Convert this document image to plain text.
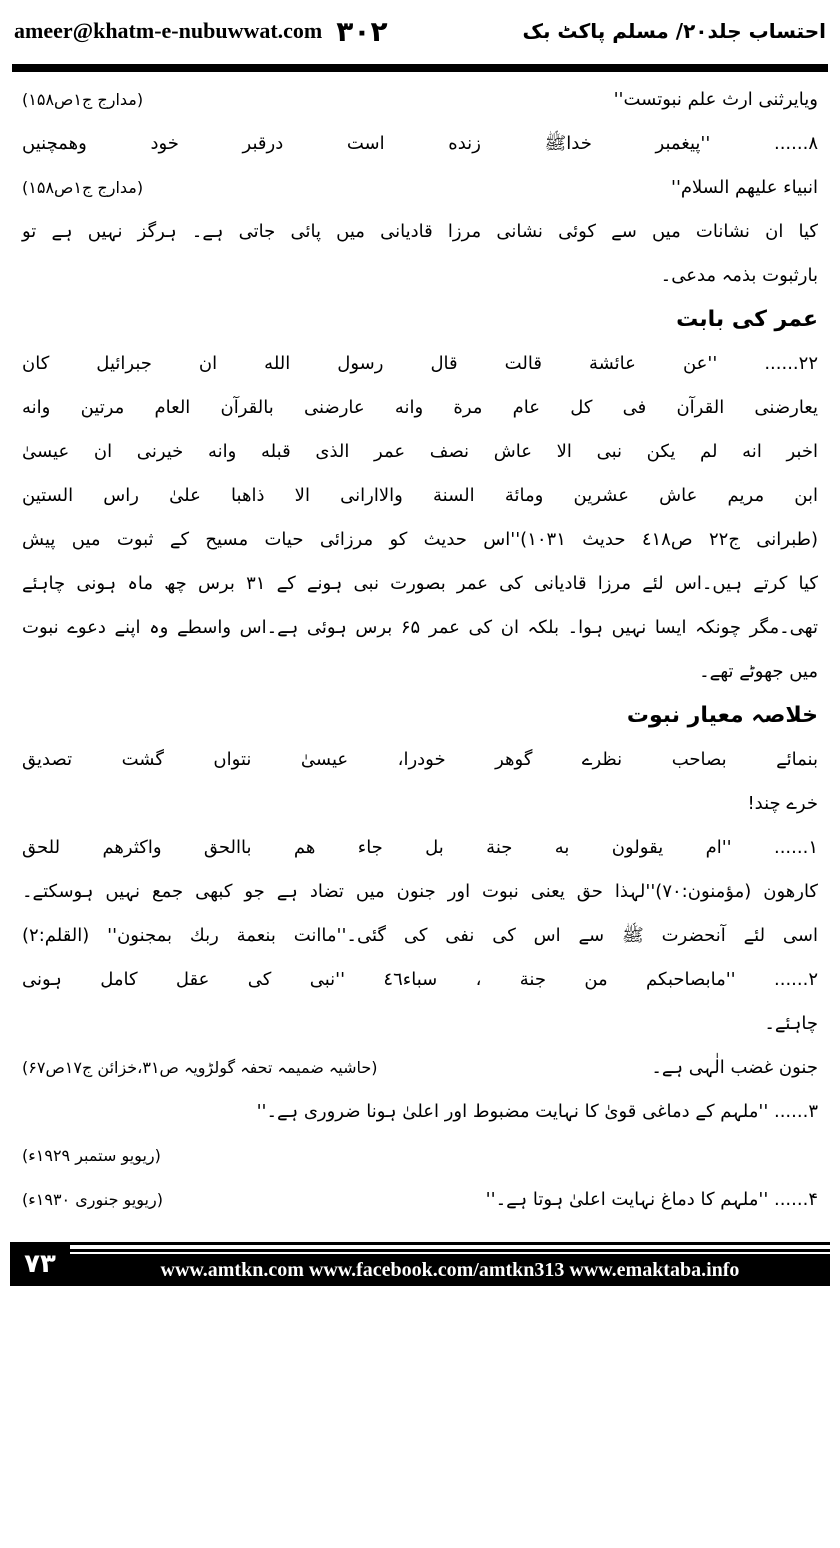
ameer@khatm-e-nubuwwat.com ۳۰۲	احتساب جلد۲۰/ مسلم پاکٹ بک
ویایرثنی ارث علم نبوتست''
(مدارج ج۱ص۱۵۸)
۸...... ''پیغمبر خداﷺ زنده است درقبر خود وهمچنیں
انبیاء علیهم السلام''
(مدارج ج۱ص۱۵۸)
کیا ان نشانات میں سے کوئی نشانی مرزا قادیانی میں پائی جاتی ہے۔ ہرگز نہیں ہے تو
بارثبوت بذمہ مدعی۔
عمر کی بابت
۲۲...... ''عن عائشة قالت قال رسول الله ان جبرائیل کان
یعارضنی القرآن فی کل عام مرة وانه عارضنی بالقرآن العام مرتین وانه
اخبر انه لم یکن نبی الا عاش نصف عمر الذی قبله وانه خیرنی ان عیسیٰ
ابن مریم عاش عشرین ومائة السنة والاارانی الا ذاهبا علیٰ راس الستین
(طبرانی ج۲۲ ص٤١٨ حدیث ١٠٣١)''اس حدیث کو مرزائی حیات مسیح کے ثبوت میں پیش
کیا کرتے ہیں۔اس لئے مرزا قادیانی کی عمر بصورت نبی ہونے کے ۳۱ برس چھ ماہ ہونی چاہئے
تھی۔مگر چونکہ ایسا نہیں ہوا۔ بلکہ ان کی عمر ۶۵ برس ہوئی ہے۔اس واسطے وہ اپنے دعوے نبوت
میں جھوٹے تھے۔
خلاصہ معیار نبوت
بنمائے بصاحب نظرے گوهر خودرا، عیسیٰ نتواں گشت تصدیق
خرے چند!
۱...... ''ام یقولون به جنة بل جاء هم باالحق واکثرهم للحق
کارهون (مؤمنون:۷۰)''لہذا حق یعنی نبوت اور جنون میں تضاد ہے جو کبھی جمع نہیں ہوسکتے۔
اسی لئے آنحضرت ﷺ سے اس کی نفی کی گئی۔''ماانت بنعمة ربك بمجنون'' (القلم:۲)
۲...... ''مابصاحبكم من جنة ، سباء٤٦ ''نبی کی عقل کامل ہونی
چاہئے۔
جنون غضب الٰہی ہے۔
(حاشیہ ضمیمہ تحفہ گولڑویہ ص۳۱،خزائن ج۱۷ص۶۷)
۳...... ''ملہم کے دماغی قویٰ کا نہایت مضبوط اور اعلیٰ ہونا ضروری ہے۔''
(ریویو ستمبر ۱۹۲۹ء)
۴...... ''ملہم کا دماغ نہایت اعلیٰ ہوتا ہے۔''
(ریویو جنوری ۱۹۳۰ء)
۷۳	www.amtkn.com www.facebook.com/amtkn313 www.emaktaba.info
